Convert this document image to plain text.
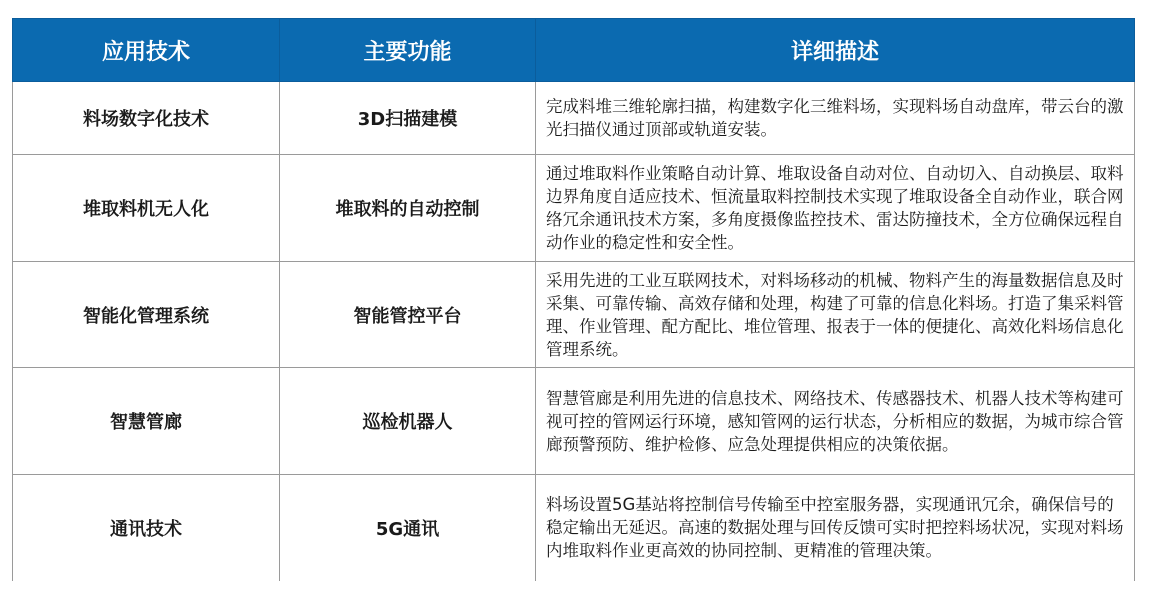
应用技术	主要功能	详细描述
料场数字化技术	3D扫描建模	完成料堆三维轮廓扫描，构建数字化三维料场，实现料场自动盘库，带云台的激光扫描仪通过顶部或轨道安装。
堆取料机无人化	堆取料的自动控制	通过堆取料作业策略自动计算、堆取设备自动对位、自动切入、自动换层、取料边界角度自适应技术、恒流量取料控制技术实现了堆取设备全自动作业，联合网络冗余通讯技术方案，多角度摄像监控技术、雷达防撞技术，全方位确保远程自动作业的稳定性和安全性。
智能化管理系统	智能管控平台	采用先进的工业互联网技术，对料场移动的机械、物料产生的海量数据信息及时采集、可靠传输、高效存储和处理，构建了可靠的信息化料场。打造了集采料管理、作业管理、配方配比、堆位管理、报表于一体的便捷化、高效化料场信息化管理系统。
智慧管廊	巡检机器人	智慧管廊是利用先进的信息技术、网络技术、传感器技术、机器人技术等构建可视可控的管网运行环境，感知管网的运行状态，分析相应的数据，为城市综合管廊预警预防、维护检修、应急处理提供相应的决策依据。
通讯技术	5G通讯	料场设置5G基站将控制信号传输至中控室服务器，实现通讯冗余，确保信号的稳定输出无延迟。高速的数据处理与回传反馈可实时把控料场状况，实现对料场内堆取料作业更高效的协同控制、更精准的管理决策。
